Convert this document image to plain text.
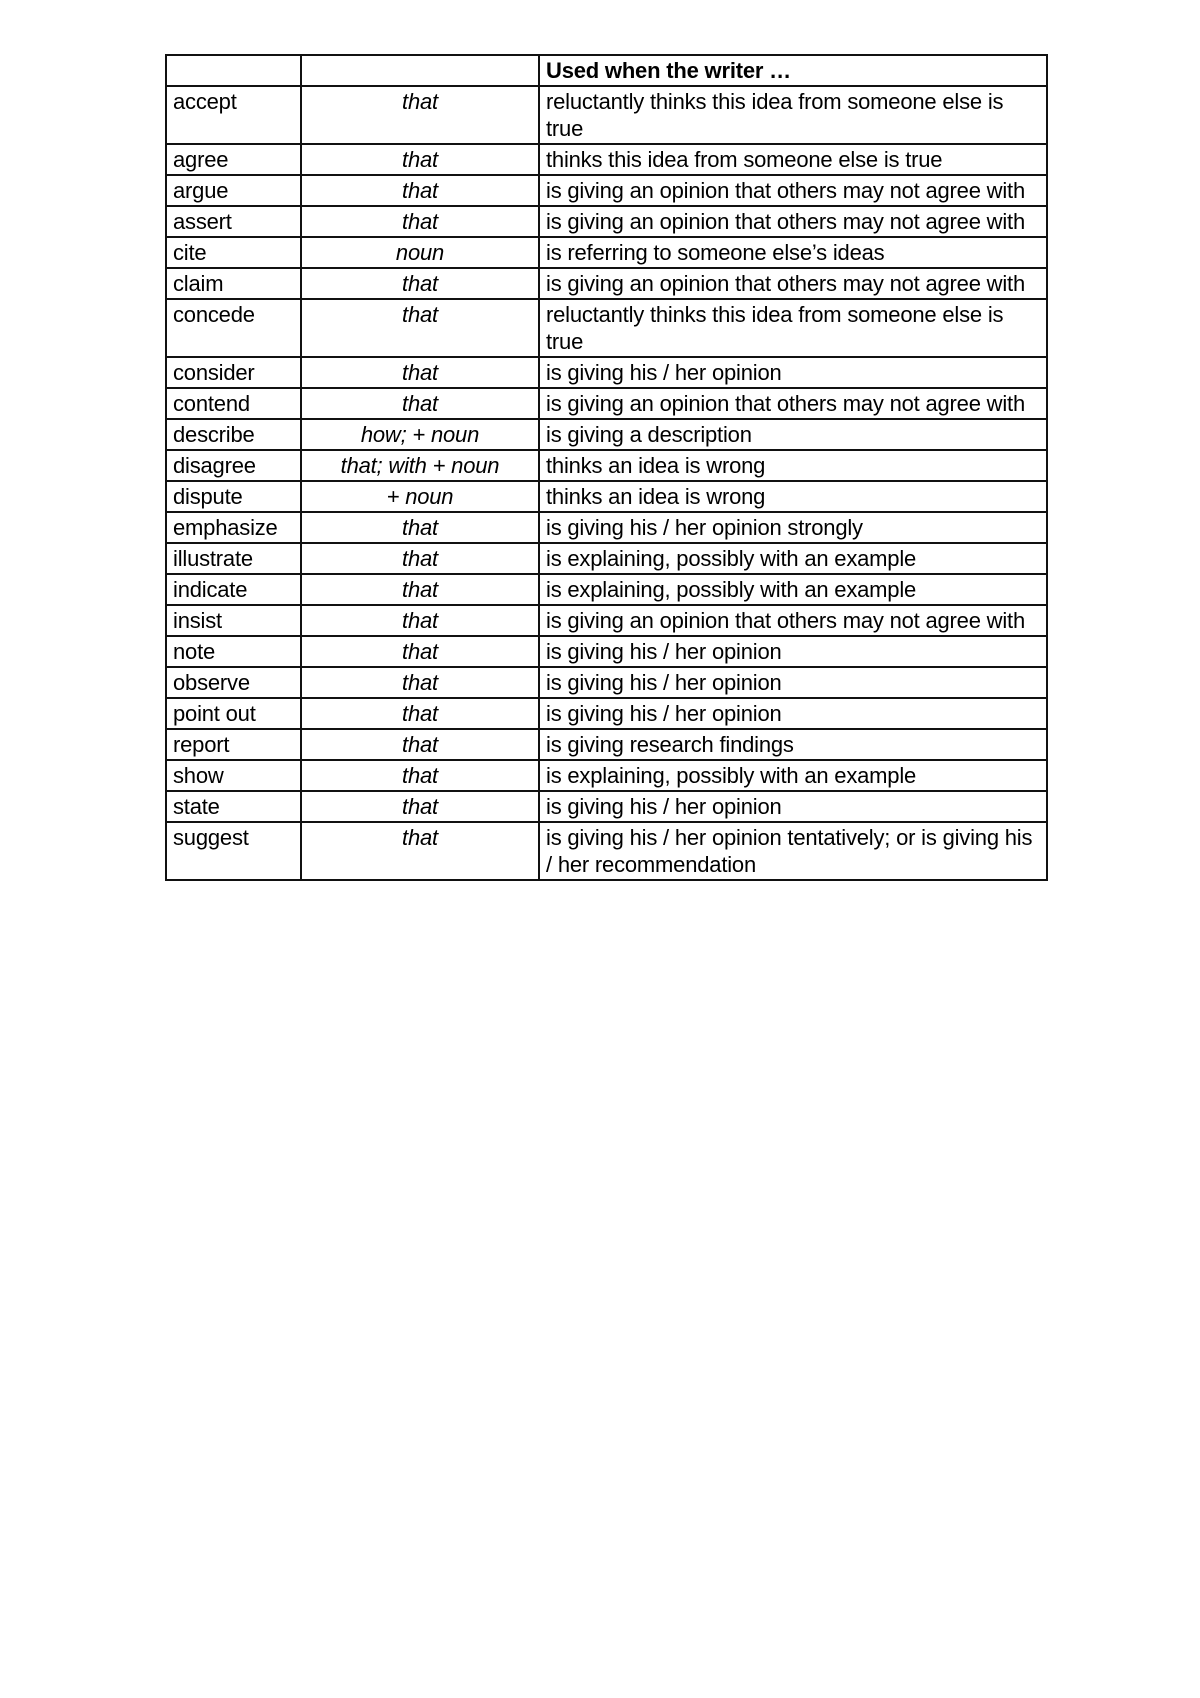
		Used when the writer …
accept	that	reluctantly thinks this idea from someone else is true
agree	that	thinks this idea from someone else is true
argue	that	is giving an opinion that others may not agree with
assert	that	is giving an opinion that others may not agree with
cite	noun	is referring to someone else’s ideas
claim	that	is giving an opinion that others may not agree with
concede	that	reluctantly thinks this idea from someone else is true
consider	that	is giving his / her opinion
contend	that	is giving an opinion that others may not agree with
describe	how; + noun	is giving a description
disagree	that; with + noun	thinks an idea is wrong
dispute	+ noun	thinks an idea is wrong
emphasize	that	is giving his / her opinion strongly
illustrate	that	is explaining, possibly with an example
indicate	that	is explaining, possibly with an example
insist	that	is giving an opinion that others may not agree with
note	that	is giving his / her opinion
observe	that	is giving his / her opinion
point out	that	is giving his / her opinion
report	that	is giving research findings
show	that	is explaining, possibly with an example
state	that	is giving his / her opinion
suggest	that	is giving his / her opinion tentatively; or is giving his / her recommendation
